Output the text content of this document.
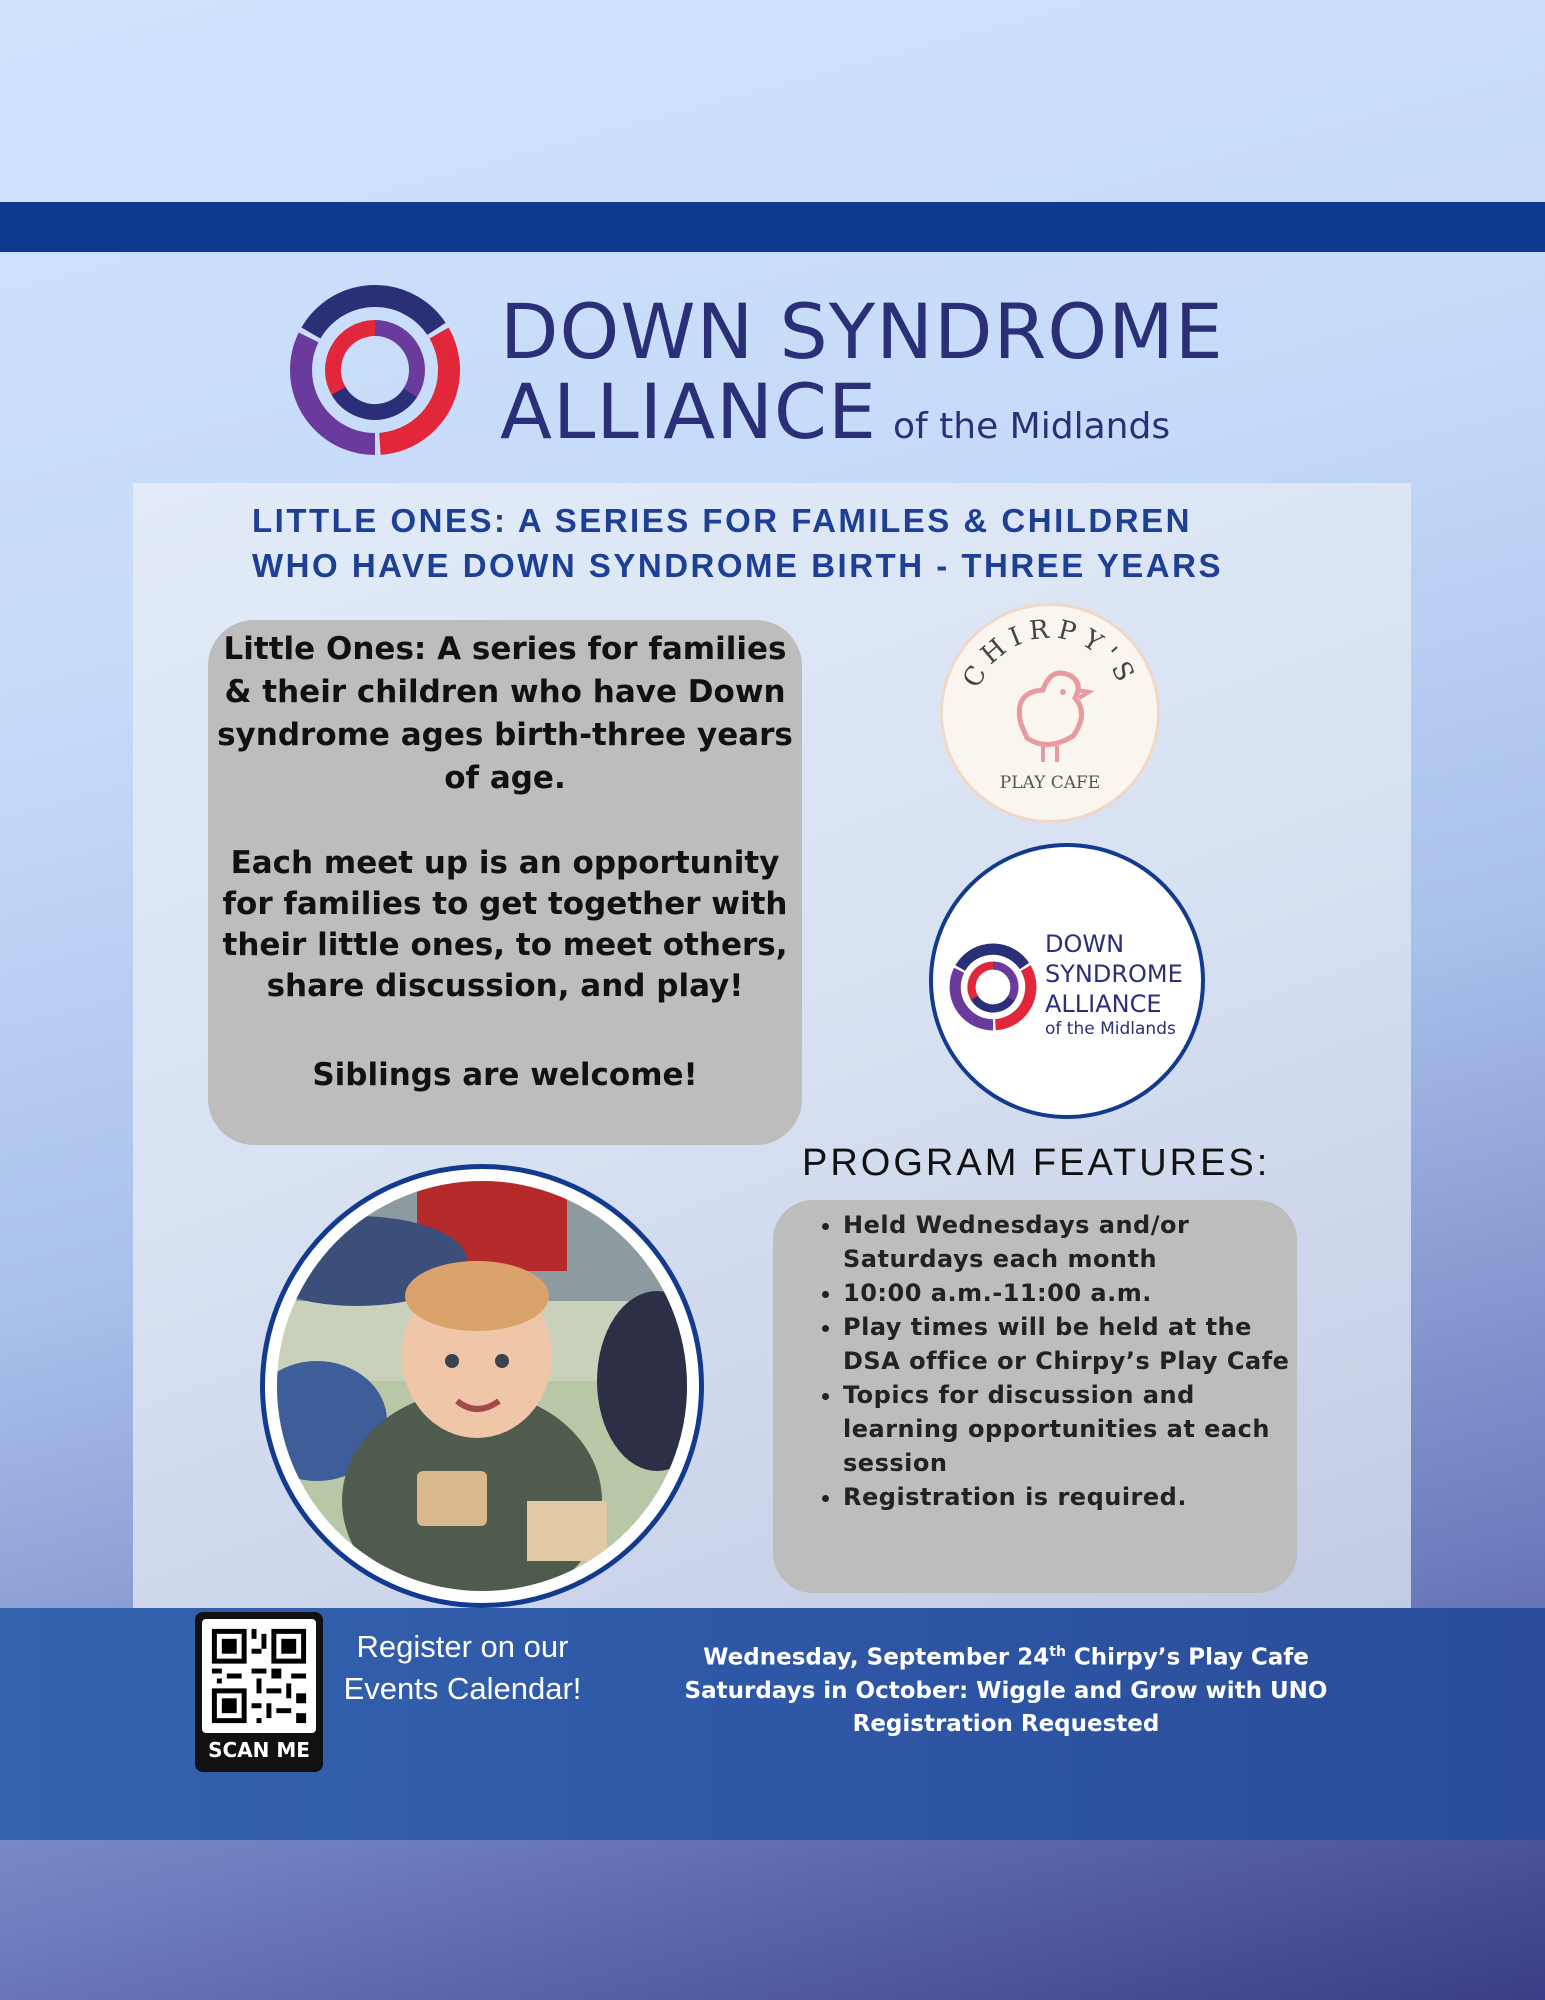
DOWN SYNDROME
ALLIANCE of the Midlands
LITTLE ONES: A SERIES FOR FAMILES & CHILDREN
WHO HAVE DOWN SYNDROME BIRTH - THREE YEARS

Little Ones: A series for families & their children who have Down syndrome ages birth-three years of age.

Each meet up is an opportunity for families to get together with their little ones, to meet others, share discussion, and play!

Siblings are welcome!

CHIRPY'S
PLAY CAFE
DOWN
SYNDROME
ALLIANCE
of the Midlands
PROGRAM FEATURES:
• Held Wednesdays and/or Saturdays each month
• 10:00 a.m.-11:00 a.m.
• Play times will be held at the DSA office or Chirpy’s Play Cafe
• Topics for discussion and learning opportunities at each session
• Registration is required.
SCAN ME
Register on our Events Calendar!
Wednesday, September 24th Chirpy’s Play Cafe
Saturdays in October: Wiggle and Grow with UNO
Registration Requested
